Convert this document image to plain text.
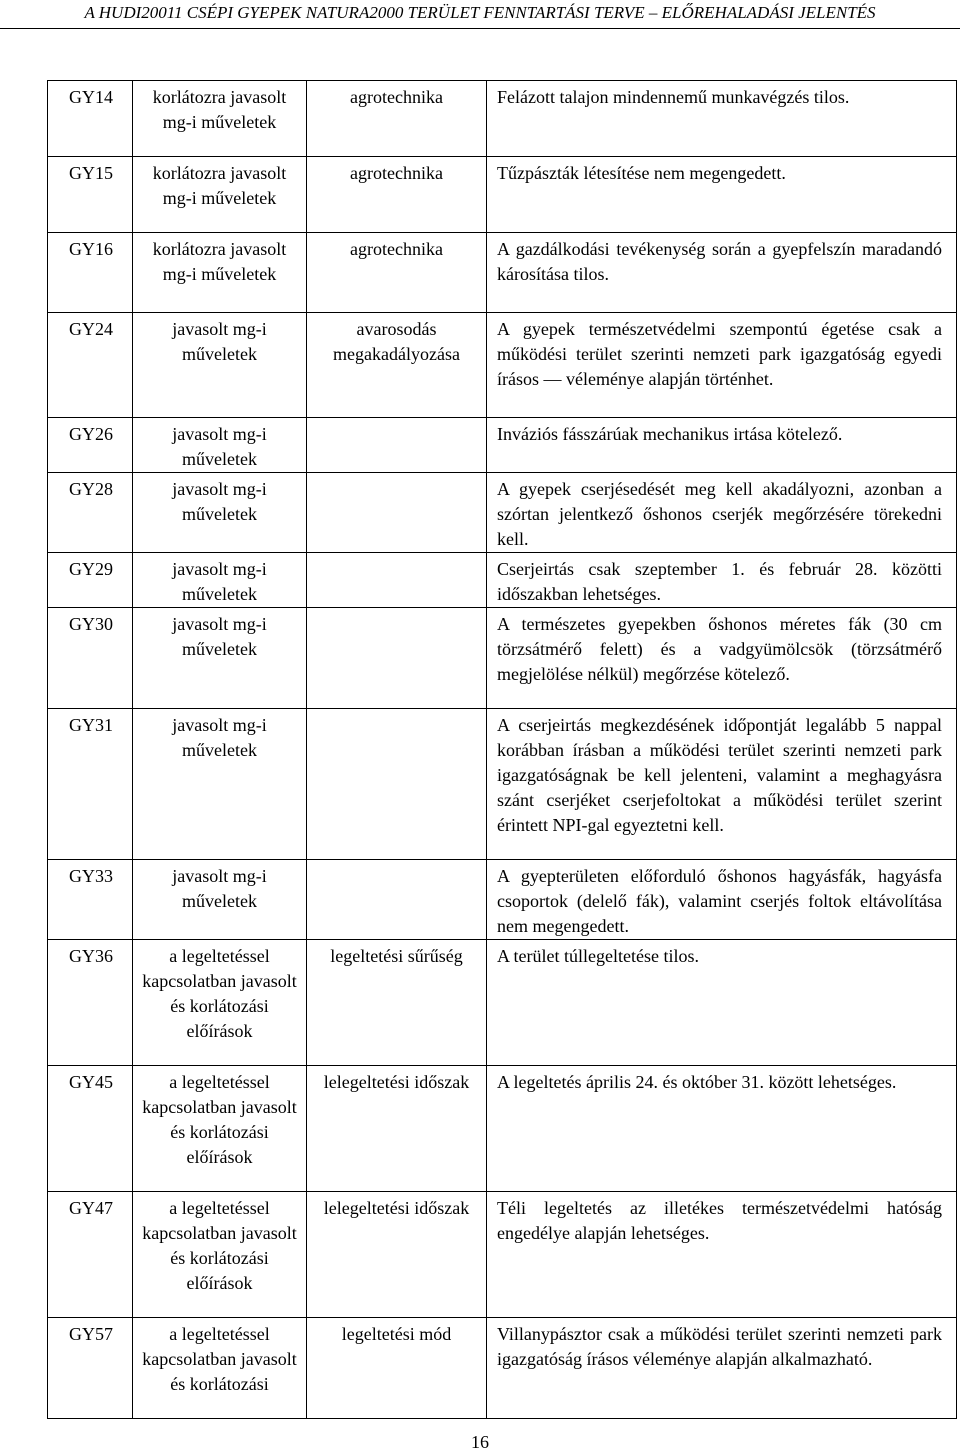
A HUDI20011 CSÉPI GYEPEK NATURA2000 TERÜLET FENNTARTÁSI TERVE – ELŐREHALADÁSI JELENTÉS
GY14	korlátozra javasolt mg-i műveletek	agrotechnika	Felázott talajon mindennemű munkavégzés tilos.
GY15	korlátozra javasolt mg-i műveletek	agrotechnika	Tűzpászták létesítése nem megengedett.
GY16	korlátozra javasolt mg-i műveletek	agrotechnika	A gazdálkodási tevékenység során a gyepfelszín maradandó károsítása tilos.
GY24	javasolt mg-i műveletek	avarosodás megakadályozása	A gyepek természetvédelmi szempontú égetése csak a működési terület szerinti nemzeti park igazgatóság egyedi írásos ― véleménye alapján történhet.
GY26	javasolt mg-i műveletek		Inváziós fásszárúak mechanikus irtása kötelező.
GY28	javasolt mg-i műveletek		A gyepek cserjésedését meg kell akadályozni, azonban a szórtan jelentkező őshonos cserjék megőrzésére törekedni kell.
GY29	javasolt mg-i műveletek		Cserjeirtás csak szeptember 1. és február 28. közötti időszakban lehetséges.
GY30	javasolt mg-i műveletek		A természetes gyepekben őshonos méretes fák (30 cm törzsátmérő felett) és a vadgyümölcsök (törzsátmérő megjelölése nélkül) megőrzése kötelező.
GY31	javasolt mg-i műveletek		A cserjeirtás megkezdésének időpontját legalább 5 nappal korábban írásban a működési terület szerinti nemzeti park igazgatóságnak be kell jelenteni, valamint a meghagyásra szánt cserjéket cserjefoltokat a működési terület szerint érintett NPI-gal egyeztetni kell.
GY33	javasolt mg-i műveletek		A gyepterületen előforduló őshonos hagyásfák, hagyásfa csoportok (delelő fák), valamint cserjés foltok eltávolítása nem megengedett.
GY36	a legeltetéssel kapcsolatban javasolt és korlátozási előírások	legeltetési sűrűség	A terület túllegeltetése tilos.
GY45	a legeltetéssel kapcsolatban javasolt és korlátozási előírások	lelegeltetési időszak	A legeltetés április 24. és október 31. között lehetséges.
GY47	a legeltetéssel kapcsolatban javasolt és korlátozási előírások	lelegeltetési időszak	Téli legeltetés az illetékes természetvédelmi hatóság engedélye alapján lehetséges.
GY57	a legeltetéssel kapcsolatban javasolt és korlátozási	legeltetési mód	Villanypásztor csak a működési terület szerinti nemzeti park igazgatóság írásos véleménye alapján alkalmazható.
16
